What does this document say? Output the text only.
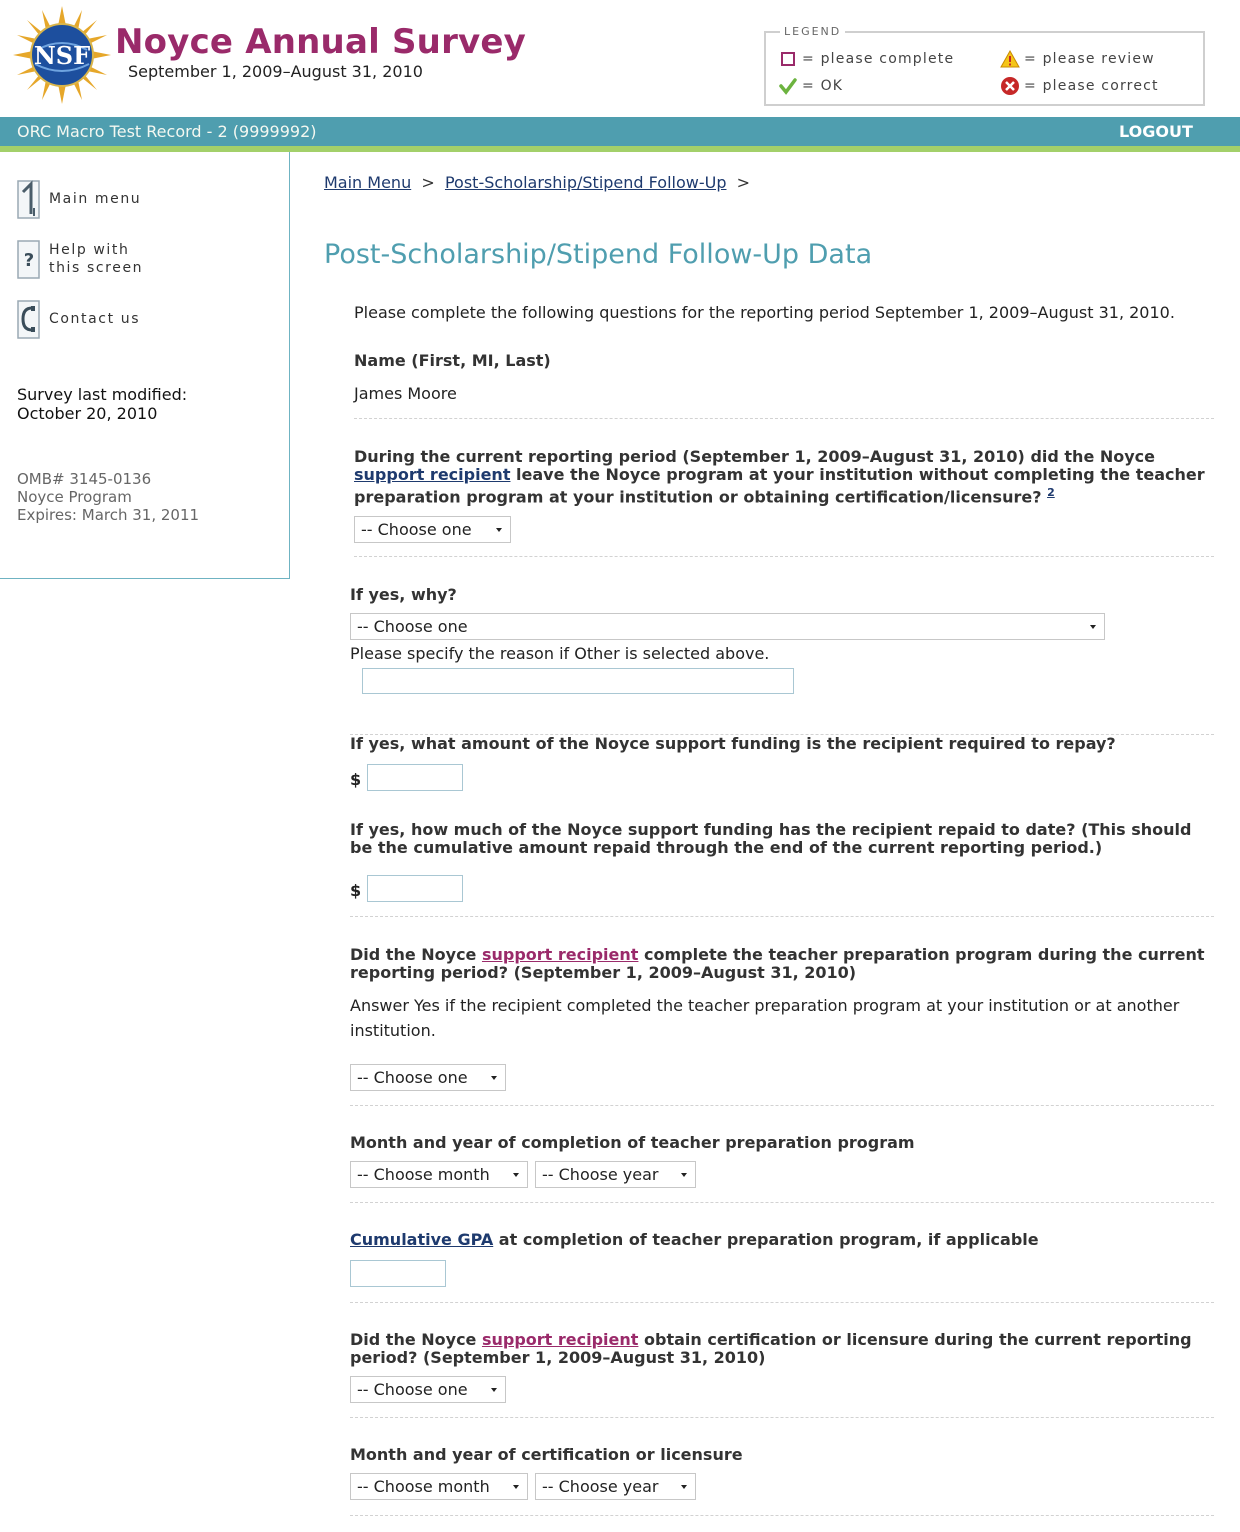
NSF Noyce Annual Survey
September 1, 2009–August 31, 2010
LEGEND
= please complete
= OK
= please review
= please correct
ORC Macro Test Record - 2 (9999992)	LOGOUT
Main menu
? Help with this screen
Contact us
Survey last modified:
October 20, 2010
OMB# 3145-0136
Noyce Program
Expires: March 31, 2011
Main Menu > Post-Scholarship/Stipend Follow-Up >
Post-Scholarship/Stipend Follow-Up Data
Please complete the following questions for the reporting period September 1, 2009–August 31, 2010.
Name (First, MI, Last)
James Moore
During the current reporting period (September 1, 2009–August 31, 2010) did the Noyce support recipient leave the Noyce program at your institution without completing the teacher preparation program at your institution or obtaining certification/licensure? $^2$
-- Choose one
If yes, why?
-- Choose one
Please specify the reason if Other is selected above.
If yes, what amount of the Noyce support funding is the recipient required to repay?
$
If yes, how much of the Noyce support funding has the recipient repaid to date? (This should be the cumulative amount repaid through the end of the current reporting period.)
$
Did the Noyce support recipient complete the teacher preparation program during the current reporting period? (September 1, 2009–August 31, 2010)
Answer Yes if the recipient completed the teacher preparation program at your institution or at another institution.
-- Choose one
Month and year of completion of teacher preparation program
-- Choose month	-- Choose year
Cumulative GPA at completion of teacher preparation program, if applicable
Did the Noyce support recipient obtain certification or licensure during the current reporting period? (September 1, 2009–August 31, 2010)
-- Choose one
Month and year of certification or licensure
-- Choose month	-- Choose year
